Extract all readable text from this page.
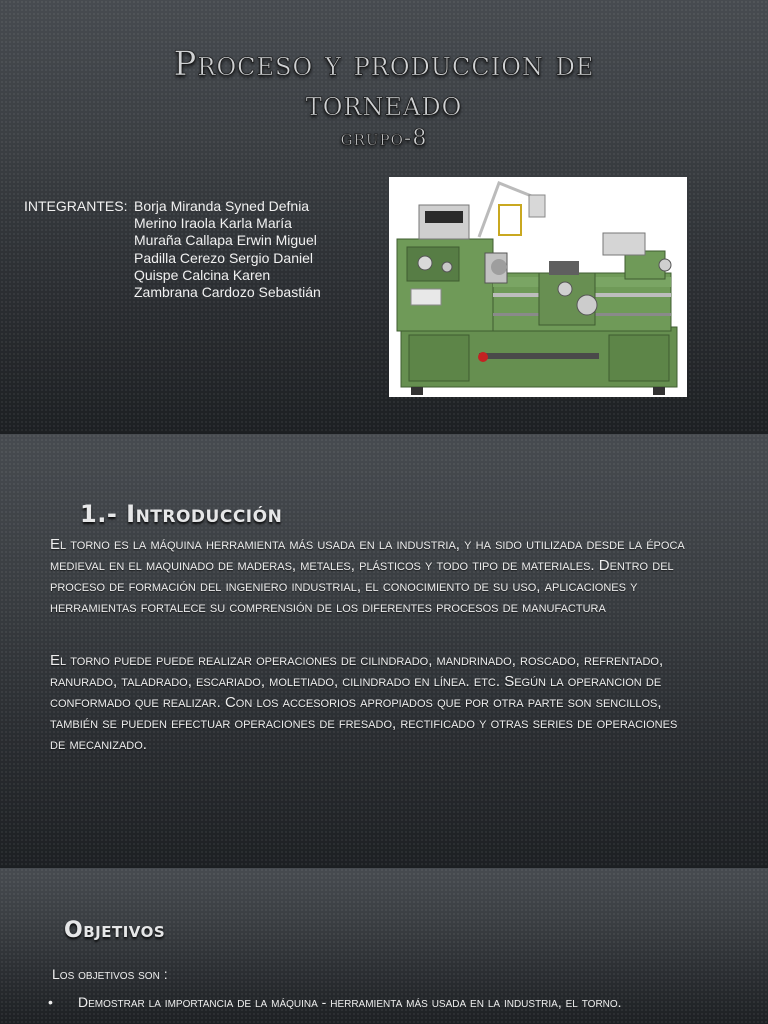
Proceso y produccion de
torneado
grupo-8
INTEGRANTES: Borja Miranda Syned Defnia
Merino Iraola Karla María
Muraña Callapa Erwin Miguel
Padilla Cerezo Sergio Daniel
Quispe Calcina Karen
Zambrana Cardozo Sebastián
1.- Introducción

El torno es la máquina herramienta más usada en la industria, y ha sido utilizada desde la época medieval en el maquinado de maderas, metales, plásticos y todo tipo de materiales. Dentro del proceso de formación del ingeniero industrial, el conocimiento de su uso, aplicaciones y herramientas fortalece su comprensión de los diferentes procesos de manufactura

El torno puede puede realizar operaciones de cilindrado, mandrinado, roscado, refrentado, ranurado, taladrado, escariado, moletiado, cilindrado en línea. etc. Según la operancion de conformado que realizar. Con los accesorios apropiados que por otra parte son sencillos, también se pueden efectuar operaciones de fresado, rectificado y otras series de operaciones de mecanizado.

Objetivos
Los objetivos son :
• Demostrar la importancia de la máquina - herramienta más usada en la industria, el torno.
